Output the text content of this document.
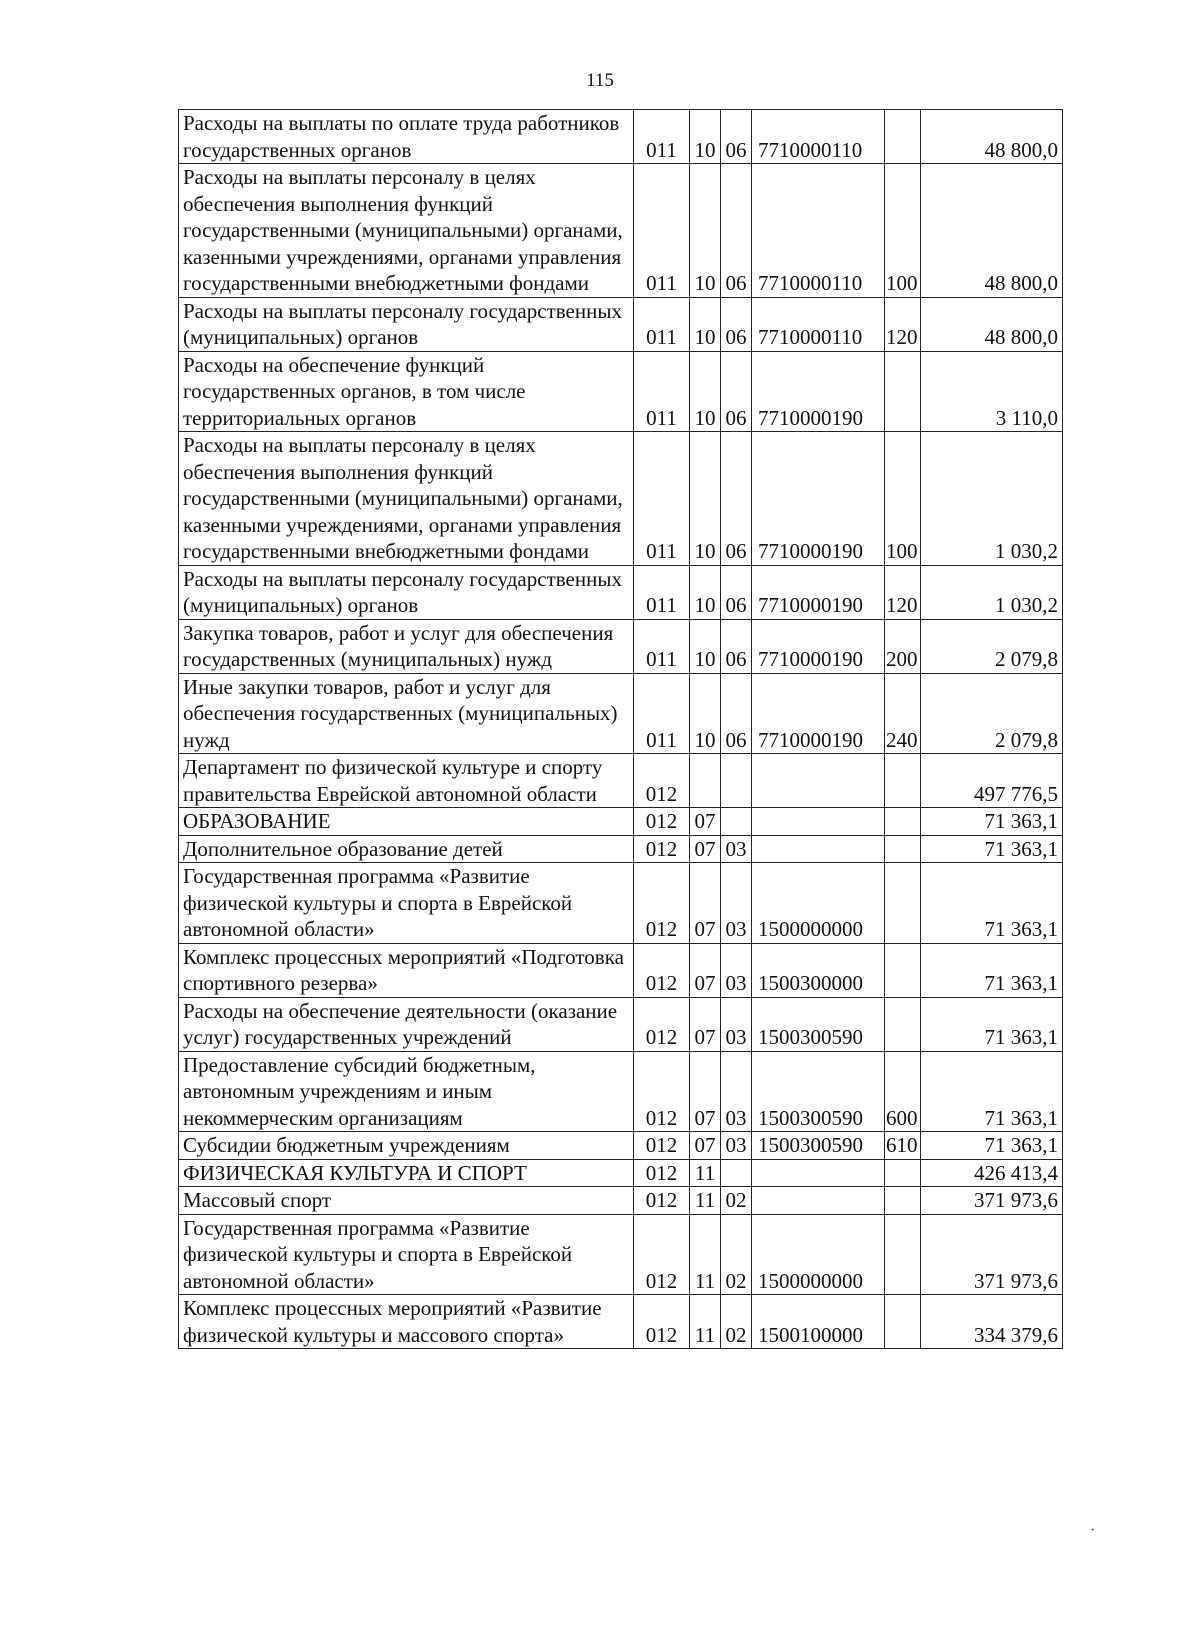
115
Расходы на выплаты по оплате труда работников государственных органов	011	10	06	7710000110		48 800,0
Расходы на выплаты персоналу в целях обеспечения выполнения функций государственными (муниципальными) органами, казенными учреждениями, органами управления государственными внебюджетными фондами	011	10	06	7710000110	100	48 800,0
Расходы на выплаты персоналу государственных (муниципальных) органов	011	10	06	7710000110	120	48 800,0
Расходы на обеспечение функций государственных органов, в том числе территориальных органов	011	10	06	7710000190		3 110,0
Расходы на выплаты персоналу в целях обеспечения выполнения функций государственными (муниципальными) органами, казенными учреждениями, органами управления государственными внебюджетными фондами	011	10	06	7710000190	100	1 030,2
Расходы на выплаты персоналу государственных (муниципальных) органов	011	10	06	7710000190	120	1 030,2
Закупка товаров, работ и услуг для обеспечения государственных (муниципальных) нужд	011	10	06	7710000190	200	2 079,8
Иные закупки товаров, работ и услуг для обеспечения государственных (муниципальных) нужд	011	10	06	7710000190	240	2 079,8
Департамент по физической культуре и спорту правительства Еврейской автономной области	012					497 776,5
ОБРАЗОВАНИЕ	012	07				71 363,1
Дополнительное образование детей	012	07	03			71 363,1
Государственная программа «Развитие физической культуры и спорта в Еврейской автономной области»	012	07	03	1500000000		71 363,1
Комплекс процессных мероприятий «Подготовка спортивного резерва»	012	07	03	1500300000		71 363,1
Расходы на обеспечение деятельности (оказание услуг) государственных учреждений	012	07	03	1500300590		71 363,1
Предоставление субсидий бюджетным, автономным учреждениям и иным некоммерческим организациям	012	07	03	1500300590	600	71 363,1
Субсидии бюджетным учреждениям	012	07	03	1500300590	610	71 363,1
ФИЗИЧЕСКАЯ КУЛЬТУРА И СПОРТ	012	11				426 413,4
Массовый спорт	012	11	02			371 973,6
Государственная программа «Развитие физической культуры и спорта в Еврейской автономной области»	012	11	02	1500000000		371 973,6
Комплекс процессных мероприятий «Развитие физической культуры и массового спорта»	012	11	02	1500100000		334 379,6
·
